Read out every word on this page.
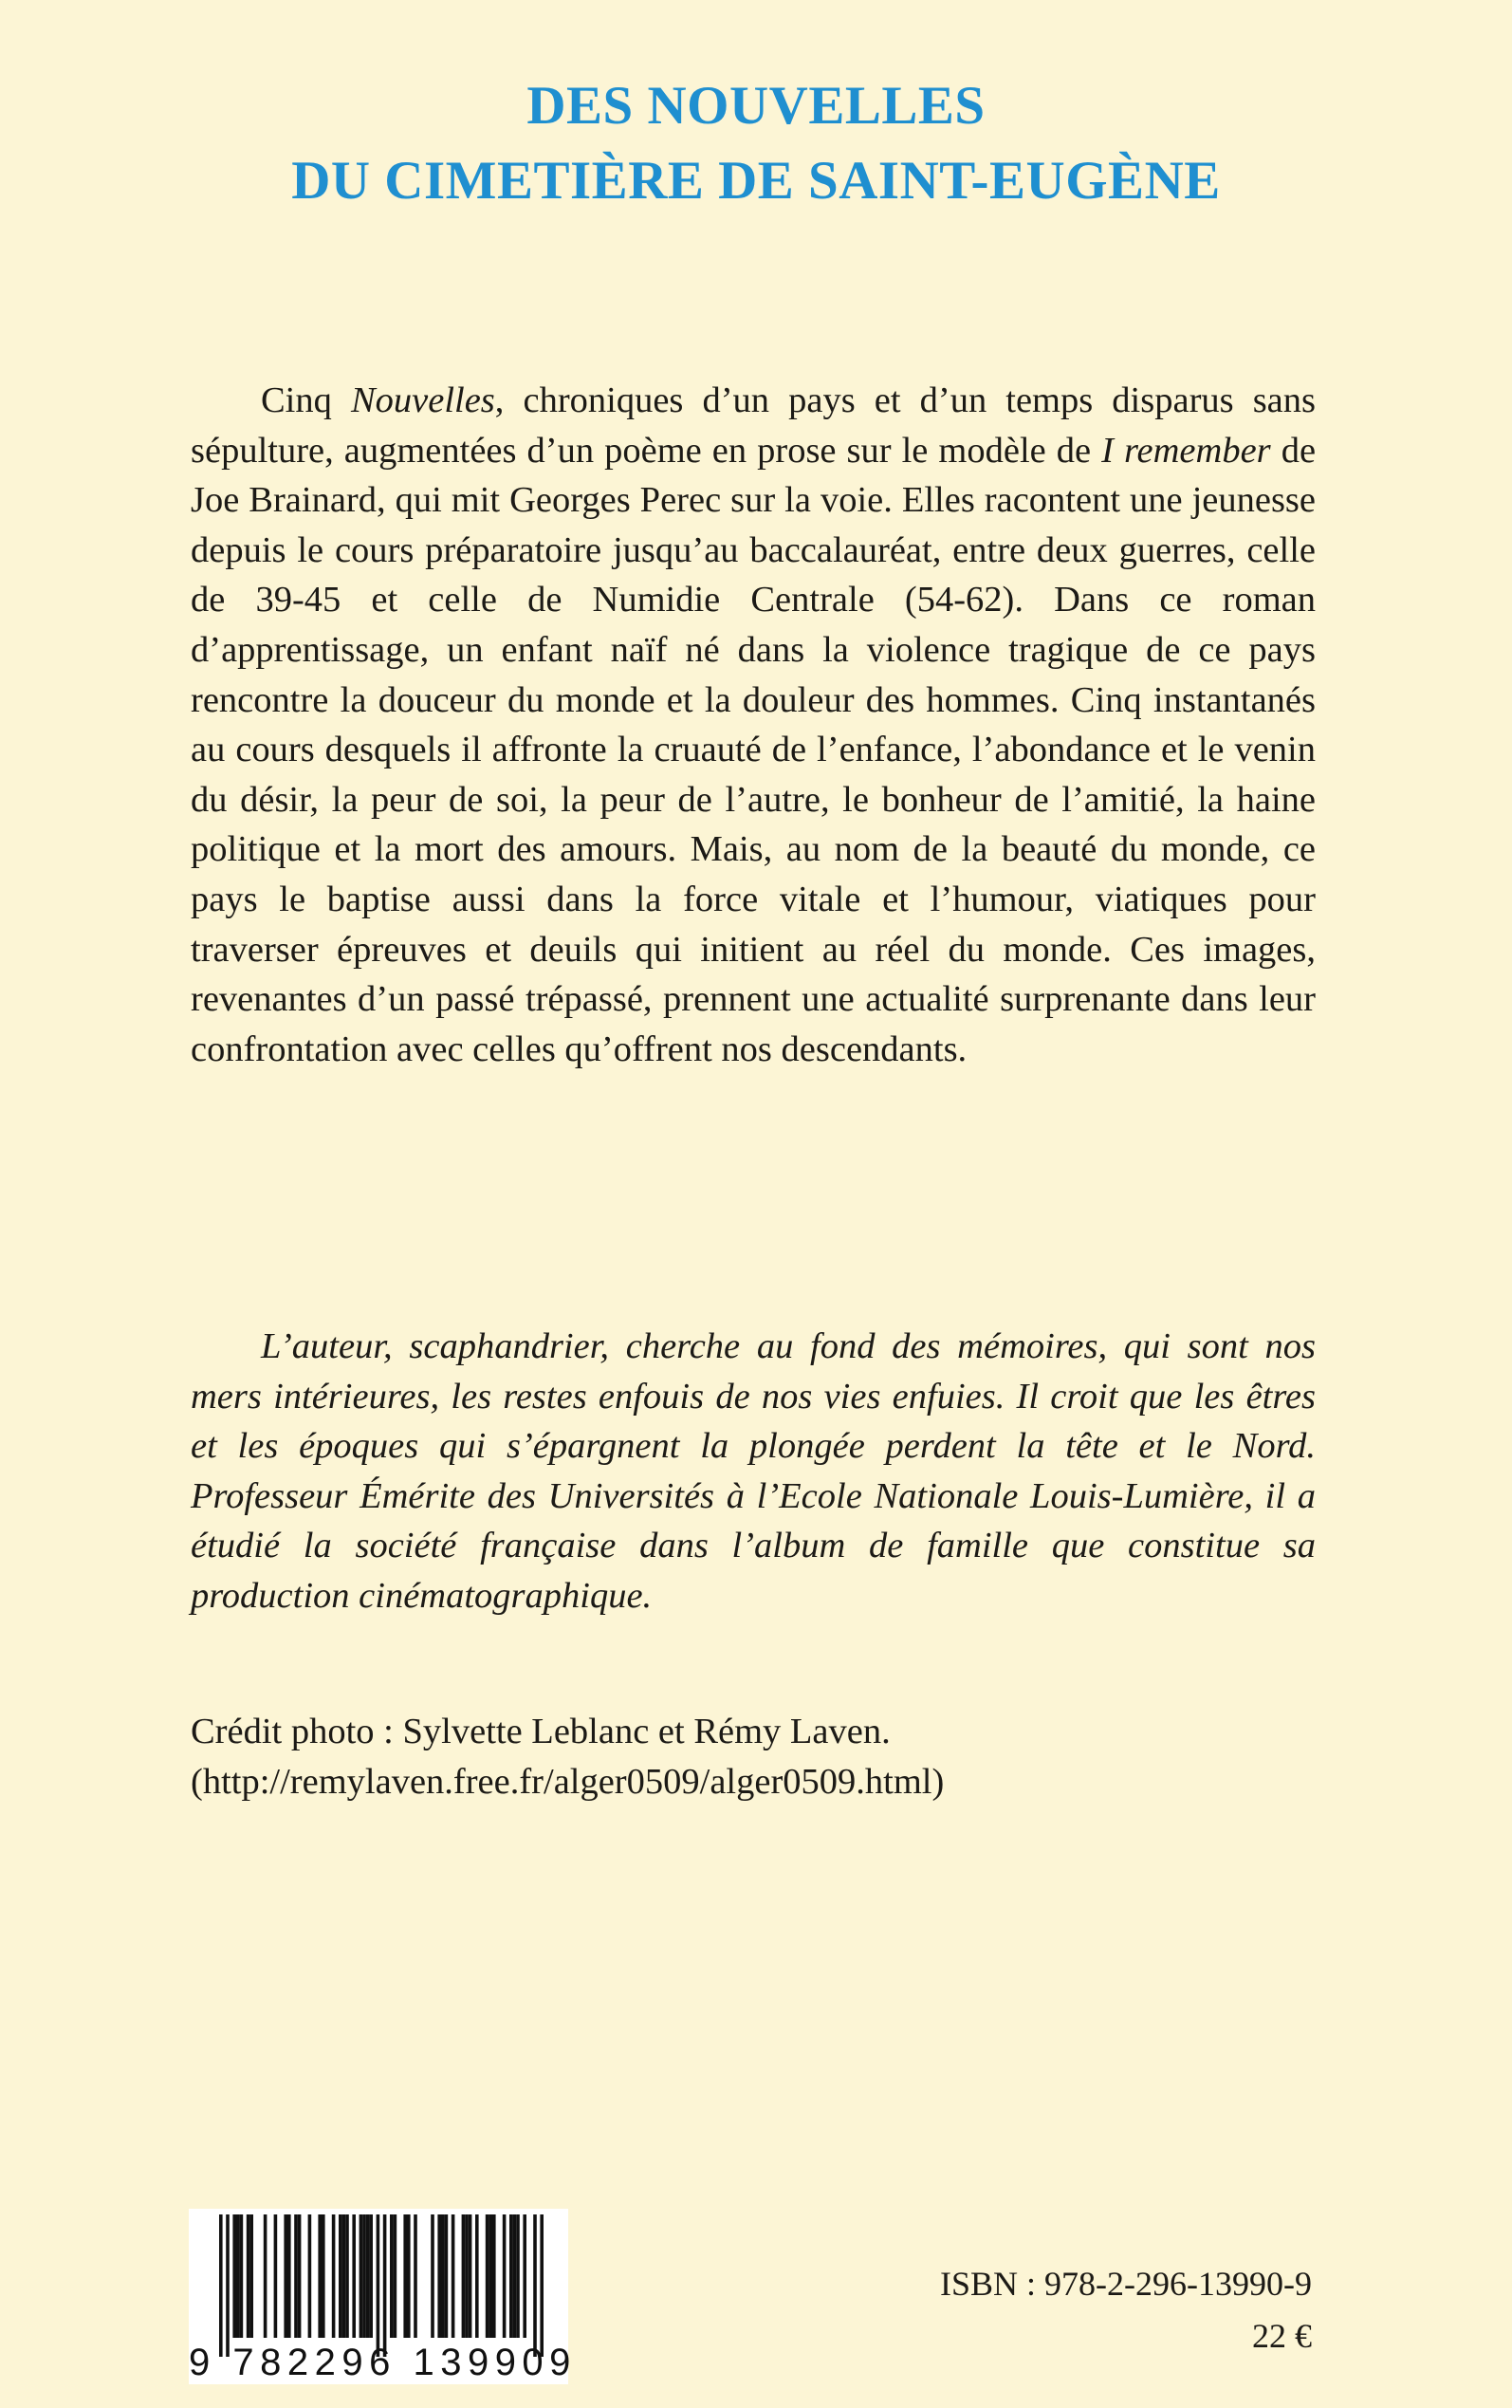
DES NOUVELLES
DU CIMETIÈRE DE SAINT-EUGÈNE

Cinq Nouvelles, chroniques d’un pays et d’un temps disparus sans sépulture, augmentées d’un poème en prose sur le modèle de I remember de Joe Brainard, qui mit Georges Perec sur la voie. Elles racontent une jeunesse depuis le cours préparatoire jusqu’au baccalauréat, entre deux guerres, celle de 39-45 et celle de Numidie Centrale (54-62). Dans ce roman d’apprentissage, un enfant naïf né dans la violence tragique de ce pays rencontre la douceur du monde et la douleur des hommes. Cinq instantanés au cours desquels il affronte la cruauté de l’enfance, l’abondance et le venin du désir, la peur de soi, la peur de l’autre, le bonheur de l’amitié, la haine politique et la mort des amours. Mais, au nom de la beauté du monde, ce pays le baptise aussi dans la force vitale et l’humour, viatiques pour traverser épreuves et deuils qui initient au réel du monde. Ces images, revenantes d’un passé trépassé, prennent une actualité surprenante dans leur confrontation avec celles qu’offrent nos descendants.

L’auteur, scaphandrier, cherche au fond des mémoires, qui sont nos mers intérieures, les restes enfouis de nos vies enfuies. Il croit que les êtres et les époques qui s’épargnent la plongée perdent la tête et le Nord. Professeur Émérite des Universités à l’Ecole Nationale Louis-Lumière, il a étudié la société française dans l’album de famille que constitue sa production cinématographique.

Crédit photo : Sylvette Leblanc et Rémy Laven.

(http://remylaven.free.fr/alger0509/alger0509.html)

9 782296 139909

ISBN : 978-2-296-13990-9

22 €
